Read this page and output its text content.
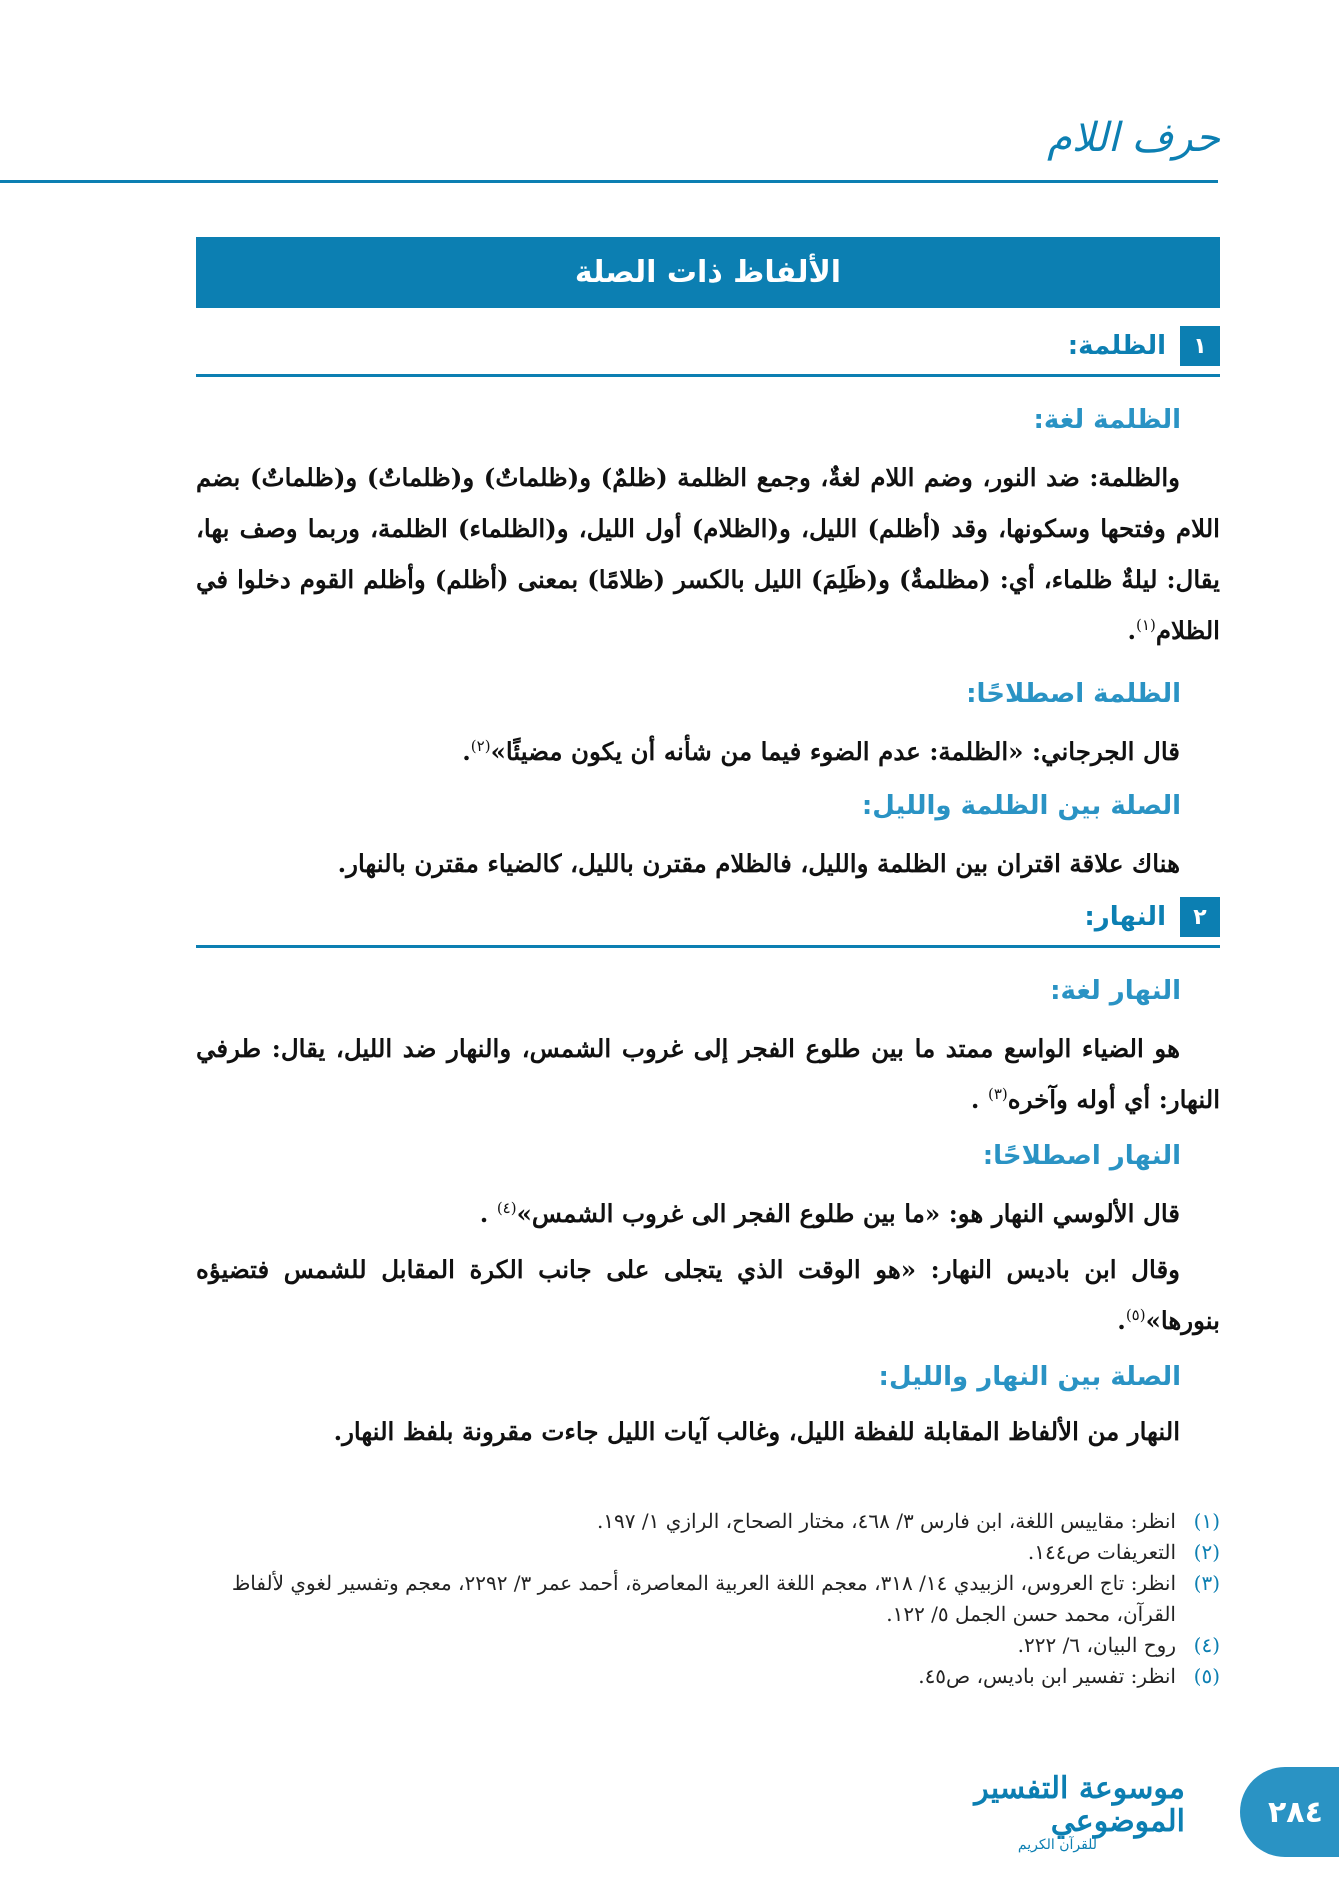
حرف اللام
الألفاظ ذات الصلة
١
الظلمة:
الظلمة لغة:

والظلمة: ضد النور، وضم اللام لغةٌ، وجمع الظلمة (ظلمٌ) و(ظلماتٌ) و(ظلماتٌ) و(ظلماتٌ) بضم اللام وفتحها وسكونها، وقد (أظلم) الليل، و(الظلام) أول الليل، و(الظلماء) الظلمة، وربما وصف بها، يقال: ليلةٌ ظلماء، أي: (مظلمةٌ) و(ظَلِمَ) الليل بالكسر (ظلامًا) بمعنى (أظلم) وأظلم القوم دخلوا في الظلام$^{(١)}$.

الظلمة اصطلاحًا:

قال الجرجاني: «الظلمة: عدم الضوء فيما من شأنه أن يكون مضيئًا»$^{(٢)}$.

الصلة بين الظلمة والليل:

هناك علاقة اقتران بين الظلمة والليل، فالظلام مقترن بالليل، كالضياء مقترن بالنهار.

٢
النهار:
النهار لغة:

هو الضياء الواسع ممتد ما بين طلوع الفجر إلى غروب الشمس، والنهار ضد الليل، يقال: طرفي النهار: أي أوله وآخره$^{(٣)}$ .

النهار اصطلاحًا:

قال الألوسي النهار هو: «ما بين طلوع الفجر الى غروب الشمس»$^{(٤)}$ .

وقال ابن باديس النهار: «هو الوقت الذي يتجلى على جانب الكرة المقابل للشمس فتضيؤه بنورها»$^{(٥)}$.

الصلة بين النهار والليل:

النهار من الألفاظ المقابلة للفظة الليل، وغالب آيات الليل جاءت مقرونة بلفظ النهار.

(١)
انظر: مقاييس اللغة، ابن فارس ٣/ ٤٦٨، مختار الصحاح، الرازي ١/ ١٩٧.
(٢)
التعريفات ص١٤٤.
(٣)
انظر: تاج العروس، الزبيدي ١٤/ ٣١٨، معجم اللغة العربية المعاصرة، أحمد عمر ٣/ ٢٢٩٢، معجم وتفسير لغوي لألفاظ القرآن، محمد حسن الجمل ٥/ ١٢٢.
(٤)
روح البيان، ٦/ ٢٢٢.
(٥)
انظر: تفسير ابن باديس، ص٤٥.
موسوعة التفسير الموضوعي
للقرآن الكريم
٢٨٤
